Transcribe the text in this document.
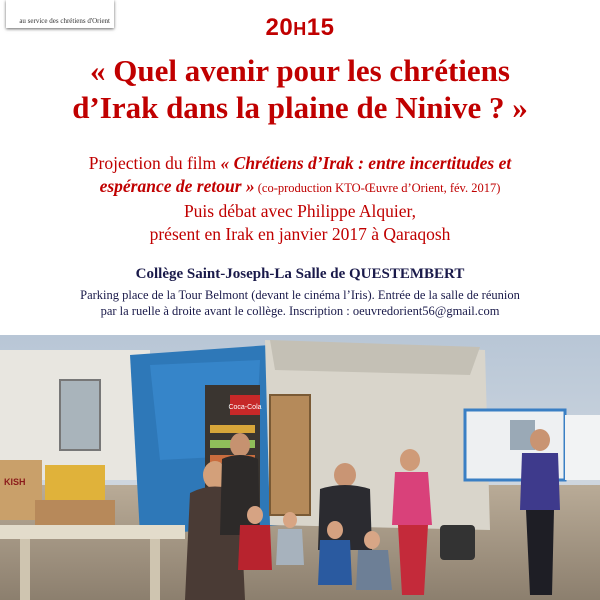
au service des chrétiens d'Orient	20H15
« Quel avenir pour les chrétiens
d’Irak dans la plaine de Ninive ? »
Projection du film « Chrétiens d’Irak : entre incertitudes et
espérance de retour » (co-production KTO-Œuvre d’Orient, fév. 2017)
Puis débat avec Philippe Alquier,
présent en Irak en janvier 2017 à Qaraqosh
Collège Saint-Joseph-La Salle de QUESTEMBERT
Parking place de la Tour Belmont (devant le cinéma l’Iris). Entrée de la salle de réunion
par la ruelle à droite avant le collège. Inscription : oeuvredorient56@gmail.com
Coca-Cola
KISH
